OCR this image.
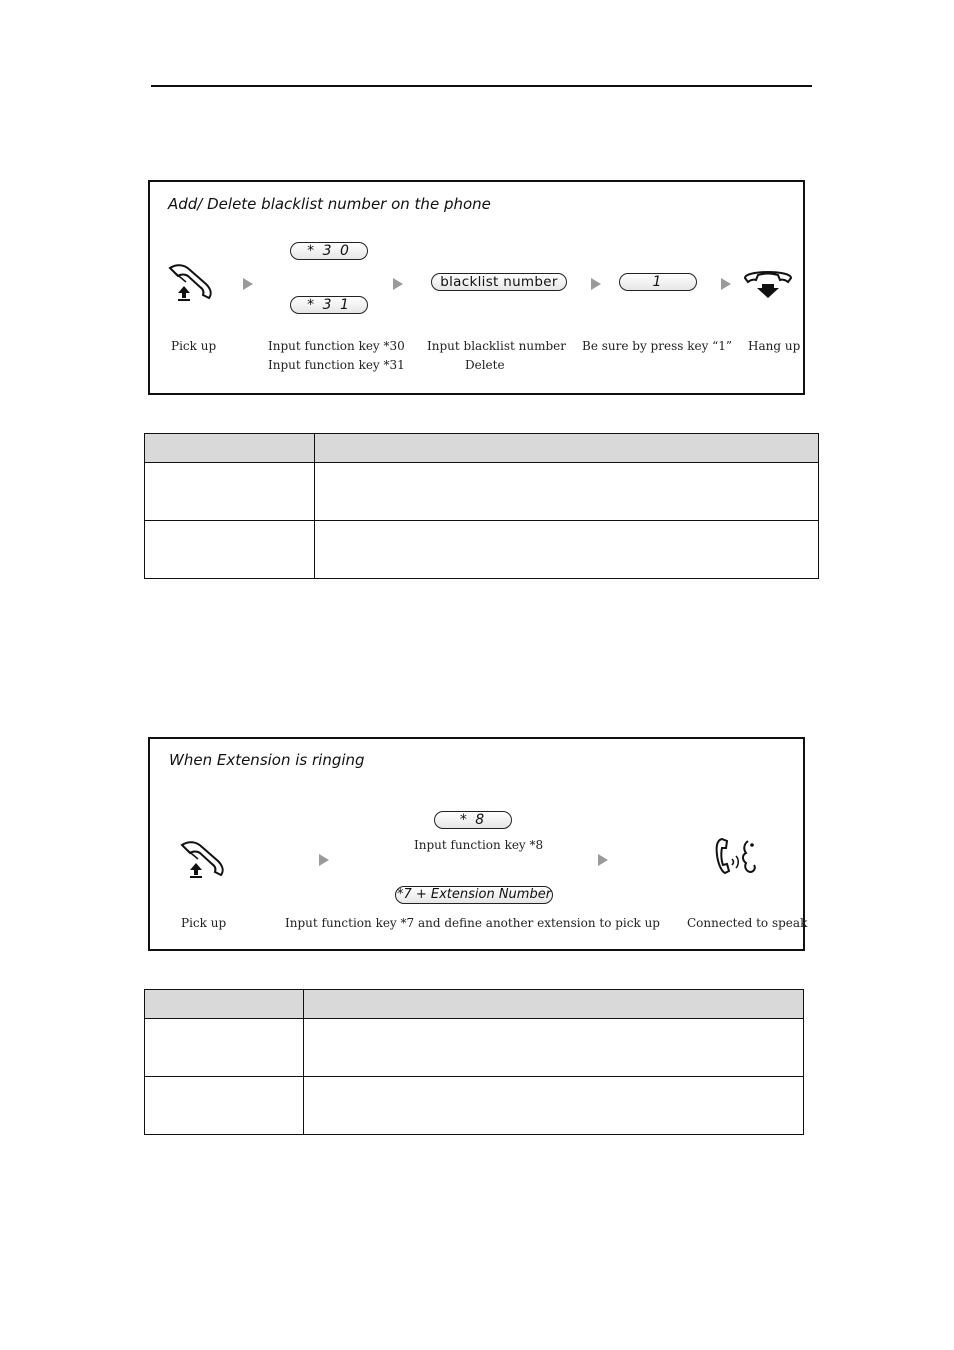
Add/ Delete blacklist number on the phone
* 3 0
* 3 1
blacklist number	1
Pick up	Input function key *30
Input function key *31
Input blacklist number
Delete
Be sure by press key “1” Hang up

When Extension is ringing
* 8
Input function key *8
*7 + Extension Number
Pick up	Input function key *7 and define another extension to pick up Connected to speak
